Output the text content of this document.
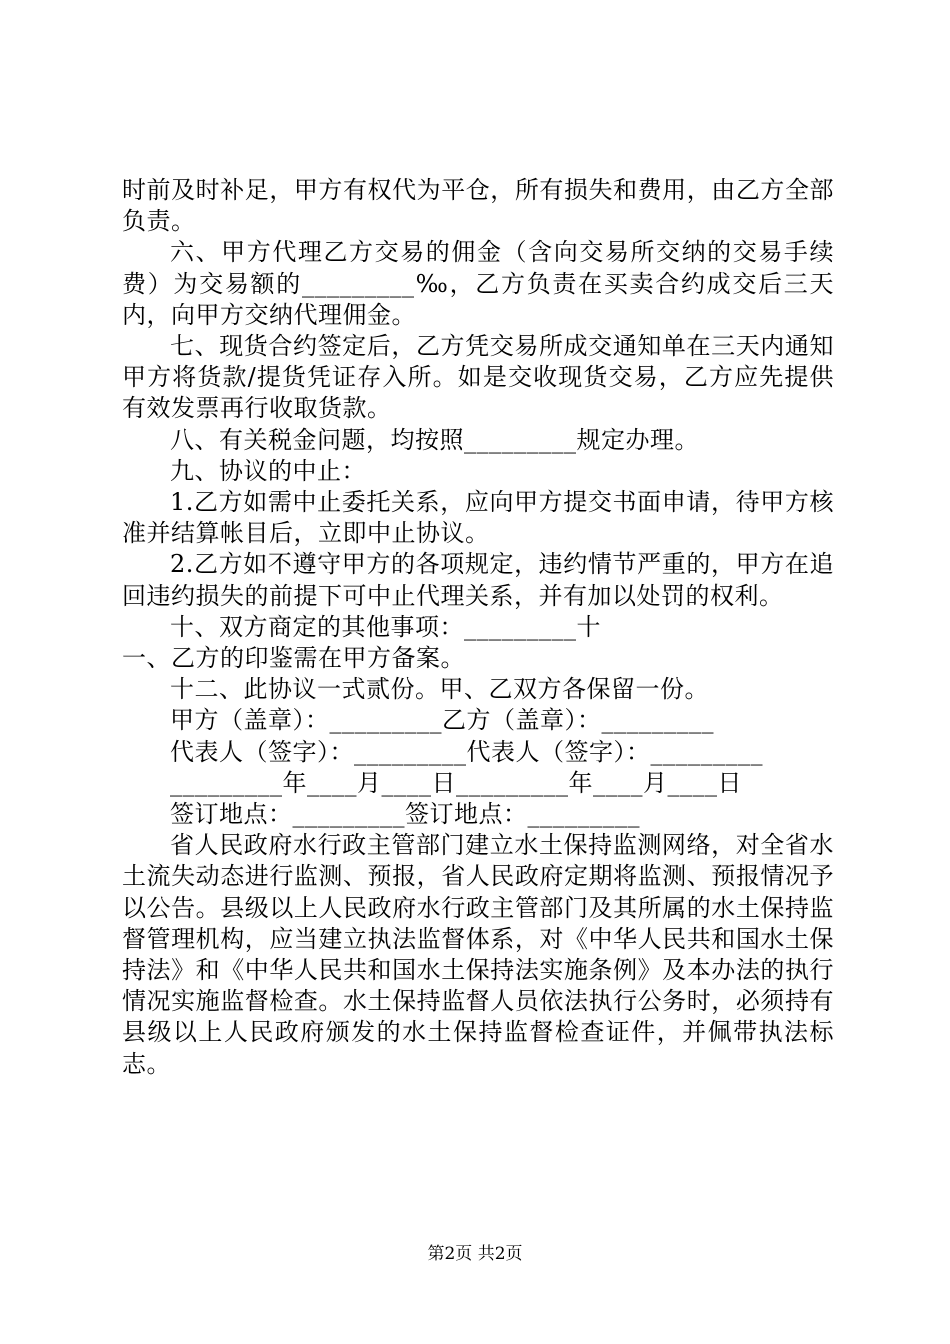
时前及时补足，甲方有权代为平仓，所有损失和费用，由乙方全部负责。

六、甲方代理乙方交易的佣金（含向交易所交纳的交易手续费）为交易额的_________‰，乙方负责在买卖合约成交后三天内，向甲方交纳代理佣金。

七、现货合约签定后，乙方凭交易所成交通知单在三天内通知甲方将货款/提货凭证存入所。如是交收现货交易，乙方应先提供有效发票再行收取货款。

八、有关税金问题，均按照_________规定办理。

九、协议的中止：

1.乙方如需中止委托关系，应向甲方提交书面申请，待甲方核准并结算帐目后，立即中止协议。

2.乙方如不遵守甲方的各项规定，违约情节严重的，甲方在追回违约损失的前提下可中止代理关系，并有加以处罚的权利。

十、双方商定的其他事项：_________十

一、乙方的印鉴需在甲方备案。

十二、此协议一式贰份。甲、乙双方各保留一份。

甲方（盖章）：_________乙方（盖章）：_________

代表人（签字）：_________代表人（签字）：_________

_________年____月____日_________年____月____日

签订地点：_________签订地点：_________

省人民政府水行政主管部门建立水土保持监测网络，对全省水土流失动态进行监测、预报，省人民政府定期将监测、预报情况予以公告。县级以上人民政府水行政主管部门及其所属的水土保持监督管理机构，应当建立执法监督体系，对《中华人民共和国水土保持法》和《中华人民共和国水土保持法实施条例》及本办法的执行情况实施监督检查。水土保持监督人员依法执行公务时，必须持有县级以上人民政府颁发的水土保持监督检查证件，并佩带执法标志。

第2页 共2页
